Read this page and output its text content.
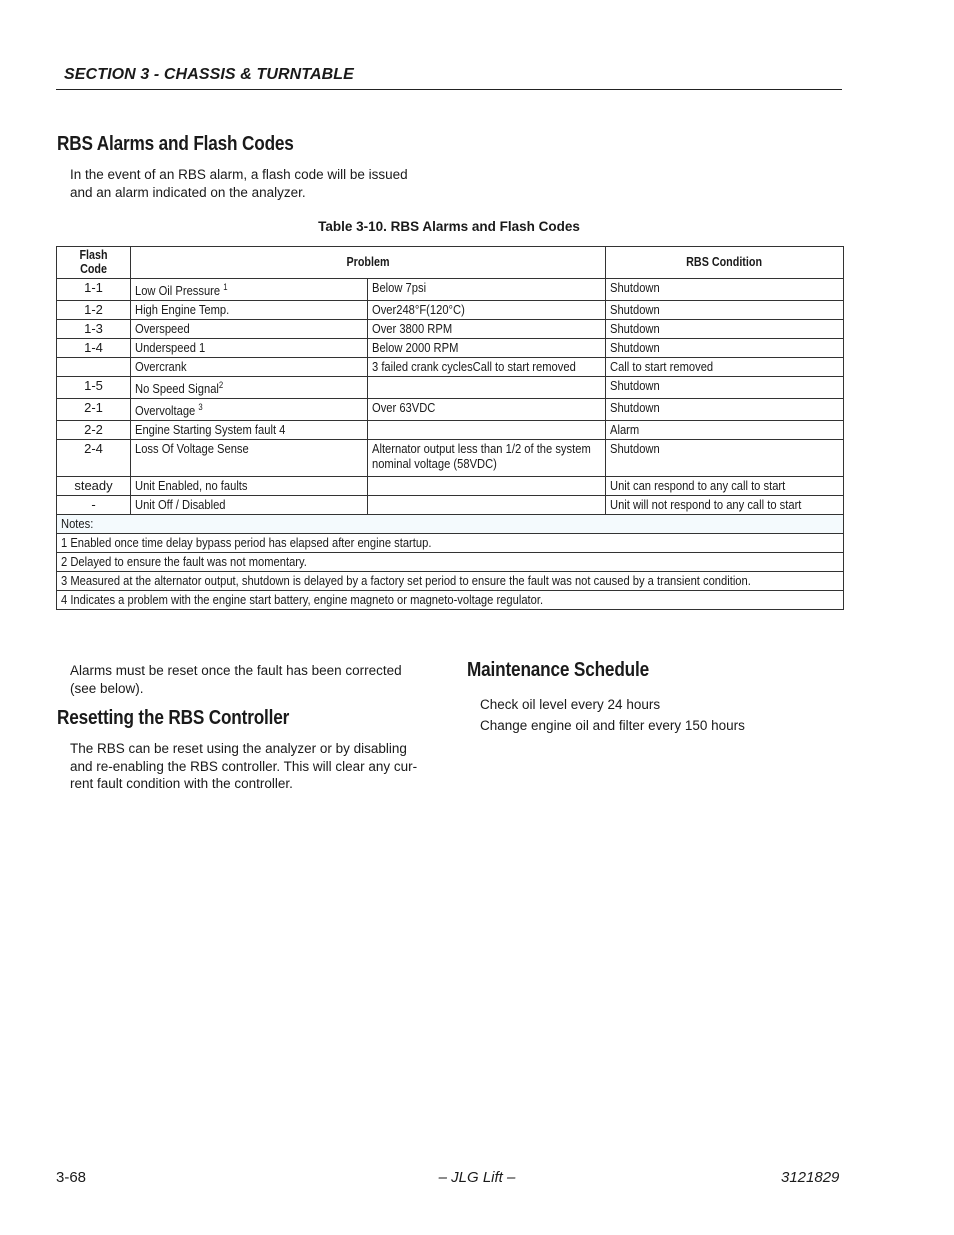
SECTION 3 - CHASSIS & TURNTABLE
RBS Alarms and Flash Codes

In the event of an RBS alarm, a flash code will be issued
and an alarm indicated on the analyzer.

Table 3-10. RBS Alarms and Flash Codes
Flash Code	Problem		RBS Condition
1-1	Low Oil Pressure $^1$	Below 7psi	Shutdown
1-2	High Engine Temp.	Over248°F(120°C)	Shutdown
1-3	Overspeed	Over 3800 RPM	Shutdown
1-4	Underspeed 1	Below 2000 RPM	Shutdown
	Overcrank	3 failed crank cyclesCall to start removed	Call to start removed
1-5	No Speed Signal$^2$		Shutdown
2-1	Overvoltage $^3$	Over 63VDC	Shutdown
2-2	Engine Starting System fault 4		Alarm
2-4	Loss Of Voltage Sense	Alternator output less than 1/2 of the system nominal voltage (58VDC)	Shutdown
steady	Unit Enabled, no faults		Unit can respond to any call to start
-	Unit Off / Disabled		Unit will not respond to any call to start
Notes:			
1 Enabled once time delay bypass period has elapsed after engine startup.			
2 Delayed to ensure the fault was not momentary.			
3 Measured at the alternator output, shutdown is delayed by a factory set period to ensure the fault was not caused by a transient condition.			
4 Indicates a problem with the engine start battery, engine magneto or magneto-voltage regulator.			

Alarms must be reset once the fault has been corrected
(see below).

Resetting the RBS Controller

The RBS can be reset using the analyzer or by disabling
and re-enabling the RBS controller. This will clear any cur-
rent fault condition with the controller.

Maintenance Schedule

Check oil level every 24 hours
Change engine oil and filter every 150 hours

3-68	– JLG Lift –	3121829
